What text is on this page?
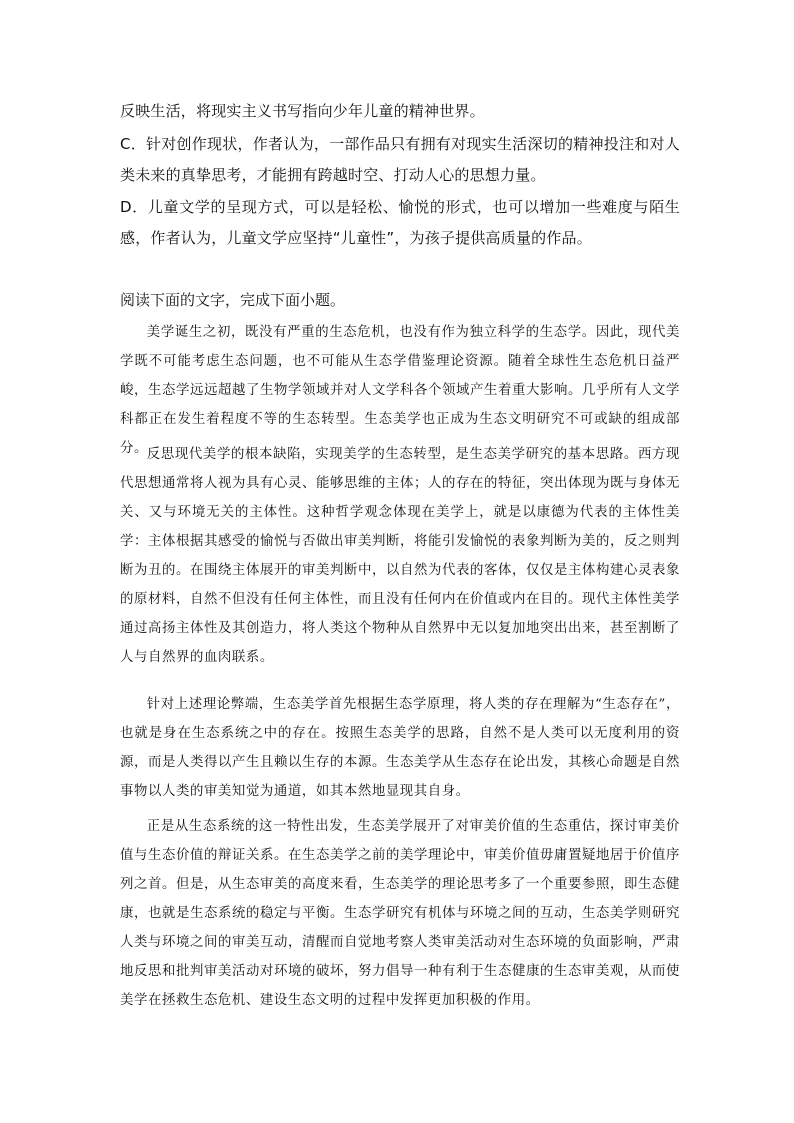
反映生活，将现实主义书写指向少年儿童的精神世界。

C．针对创作现状，作者认为，一部作品只有拥有对现实生活深切的精神投注和对人类未来的真挚思考，才能拥有跨越时空、打动人心的思想力量。

D．儿童文学的呈现方式，可以是轻松、愉悦的形式，也可以增加一些难度与陌生感，作者认为，儿童文学应坚持“儿童性”，为孩子提供高质量的作品。

阅读下面的文字，完成下面小题。

美学诞生之初，既没有严重的生态危机，也没有作为独立科学的生态学。因此，现代美学既不可能考虑生态问题，也不可能从生态学借鉴理论资源。随着全球性生态危机日益严峻，生态学远远超越了生物学领域并对人文学科各个领域产生着重大影响。几乎所有人文学科都正在发生着程度不等的生态转型。生态美学也正成为生态文明研究不可或缺的组成部分。

反思现代美学的根本缺陷，实现美学的生态转型，是生态美学研究的基本思路。西方现代思想通常将人视为具有心灵、能够思维的主体；人的存在的特征，突出体现为既与身体无关、又与环境无关的主体性。这种哲学观念体现在美学上，就是以康德为代表的主体性美学：主体根据其感受的愉悦与否做出审美判断，将能引发愉悦的表象判断为美的，反之则判断为丑的。在围绕主体展开的审美判断中，以自然为代表的客体，仅仅是主体构建心灵表象的原材料，自然不但没有任何主体性，而且没有任何内在价值或内在目的。现代主体性美学通过高扬主体性及其创造力，将人类这个物种从自然界中无以复加地突出出来，甚至割断了人与自然界的血肉联系。

针对上述理论弊端，生态美学首先根据生态学原理，将人类的存在理解为“生态存在”，也就是身在生态系统之中的存在。按照生态美学的思路，自然不是人类可以无度利用的资源，而是人类得以产生且赖以生存的本源。生态美学从生态存在论出发，其核心命题是自然事物以人类的审美知觉为通道，如其本然地显现其自身。

正是从生态系统的这一特性出发，生态美学展开了对审美价值的生态重估，探讨审美价值与生态价值的辩证关系。在生态美学之前的美学理论中，审美价值毋庸置疑地居于价值序列之首。但是，从生态审美的高度来看，生态美学的理论思考多了一个重要参照，即生态健康，也就是生态系统的稳定与平衡。生态学研究有机体与环境之间的互动，生态美学则研究人类与环境之间的审美互动，清醒而自觉地考察人类审美活动对生态环境的负面影响，严肃地反思和批判审美活动对环境的破坏，努力倡导一种有利于生态健康的生态审美观，从而使美学在拯救生态危机、建设生态文明的过程中发挥更加积极的作用。
